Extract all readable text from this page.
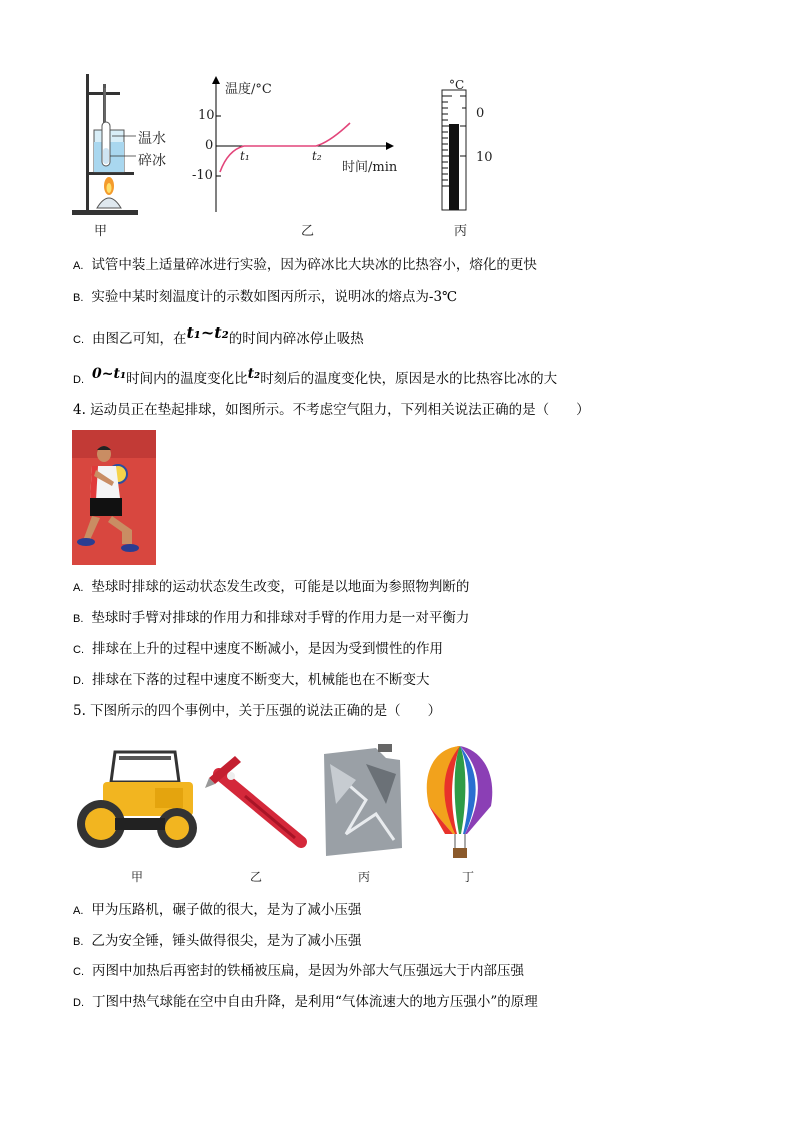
温水
碎冰
甲
温度/°C
10
0
-10
t₁	t₂
时间/min
乙
°C
0
10
丙
A. 试管中装上适量碎冰进行实验，因为碎冰比大块冰的比热容小，熔化的更快
B. 实验中某时刻温度计的示数如图丙所示，说明冰的熔点为-3℃
C. 由图乙可知，在t₁~t₂的时间内碎冰停止吸热
D. 0~t₁时间内的温度变化比t₂时刻后的温度变化快，原因是水的比热容比冰的大
4. 运动员正在垫起排球，如图所示。不考虑空气阻力，下列相关说法正确的是（　　）
A. 垫球时排球的运动状态发生改变，可能是以地面为参照物判断的
B. 垫球时手臂对排球的作用力和排球对手臂的作用力是一对平衡力
C. 排球在上升的过程中速度不断减小，是因为受到惯性的作用
D. 排球在下落的过程中速度不断变大，机械能也在不断变大
5. 下图所示的四个事例中，关于压强的说法正确的是（　　）
甲	乙	丙	丁
A. 甲为压路机，碾子做的很大，是为了减小压强
B. 乙为安全锤，锤头做得很尖，是为了减小压强
C. 丙图中加热后再密封的铁桶被压扁，是因为外部大气压强远大于内部压强
D. 丁图中热气球能在空中自由升降，是利用“气体流速大的地方压强小”的原理
